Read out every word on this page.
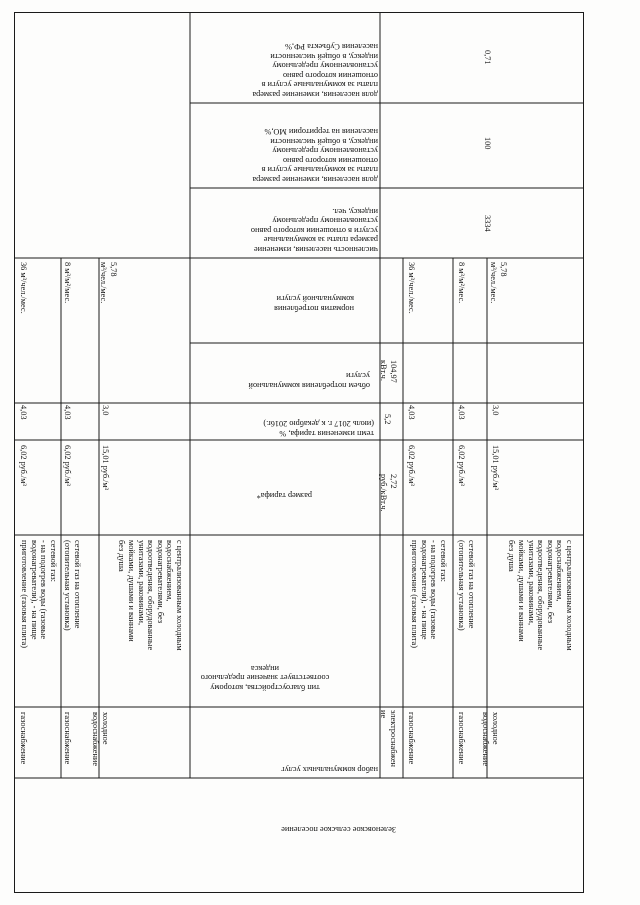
набор коммунальных услуг
тип благоустройства, которому
соответствует значение предельного
индекса
размер тарифа*
темп изменения тарифа, %
(июль 2017 г. к декабрю 2016г.)
объем потребления коммунальной
услуги
норматив потребления
коммунальной услуги
численность населения, изменение
размера платы за коммунальные
услуги в отношении которого равно
установленному предельному
индексу, чел.
доля населения, изменение размера
платы за коммунальные услуги в
отношении которого равно
установленному предельному
индексу, в общей численности
населения на территории МО,%
доля населения, изменение размера
платы за коммунальные услуги в
отношении которого равно
установленному предельному
индексу, в общей численности
населения Субъекта РФ,%
Зеленовское сельское поселение
газоснабжение
сетевой газ:
- на подогрев воды (газовые
водонагреватели), - на пище
приготовление (газовая плита)
6,02 руб./м³
4,03
36 м³/чел./мес.
газоснабжение
сетевой газ на отопление
(отопительная установка)
6,02 руб./м³
4,03
8 м³/м²/мес.
холодное
водоснабжение
с централизованным холодным
водоснабжением,
водонагревателями, без
водоотведения, оборудованные
унитазами, раковинами,
мойками, душами и ваннами
без душа
15,01 руб./м³
3,0
5,78
м³/чел./мес.
электроснабжен
ие
2,72
руб./кВт.ч.
5,2
104,97
кВт.ч.
газоснабжение
сетевой газ:
- на подогрев воды (газовые
водонагреватели), - на пище
приготовление (газовая плита)
6,02 руб./м³
4,03
36 м³/чел./мес.
газоснабжение
сетевой газ на отопление
(отопительная установка)
6,02 руб./м³
4,03
8 м³/м²/мес.
холодное
водоснабжение
с централизованным холодным
водоснабжением,
водонагревателями, без
водоотведения, оборудованные
унитазами, раковинами,
мойками, душами и ваннами
без душа
15,01 руб./м³
3,0
5,78
м³/чел./мес.
3334
100
0,71
